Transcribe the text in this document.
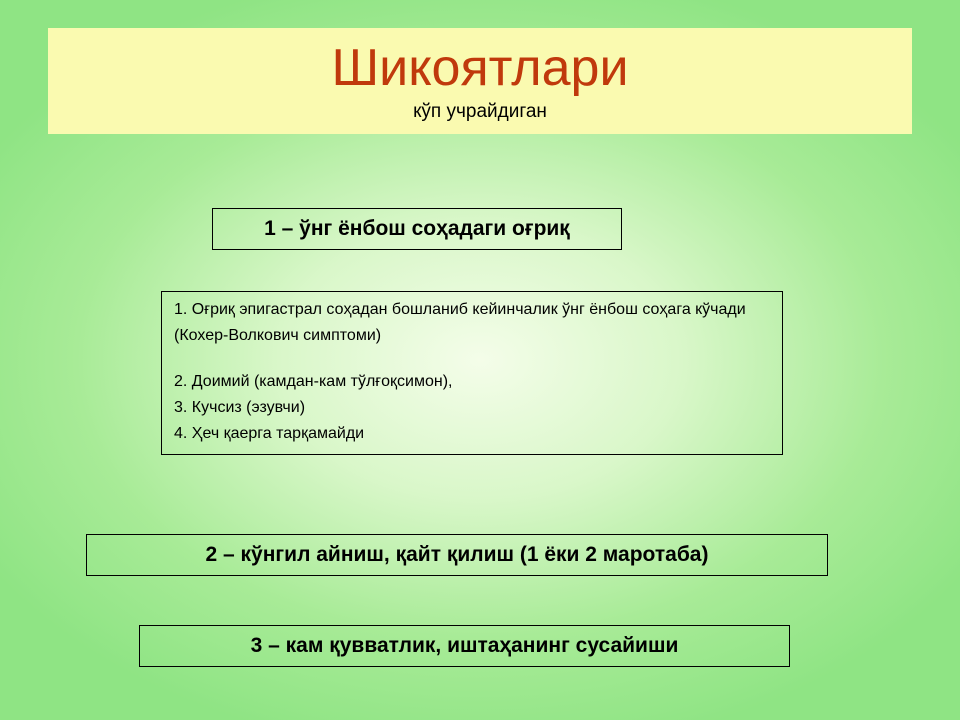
Шикоятлари
кўп учрайдиган
1 – ўнг ёнбош соҳадаги оғриқ

1. Оғриқ эпигастрал соҳадан бошланиб кейинчалик ўнг ёнбош соҳага кўчади (Кохер-Волкович симптоми)

2. Доимий (камдан-кам тўлғоқсимон),

3. Кучсиз (эзувчи)

4. Ҳеч қаерга тарқамайди

2 – кўнгил айниш, қайт қилиш (1 ёки 2 маротаба)
3 – кам қувватлик, иштаҳанинг сусайиши
